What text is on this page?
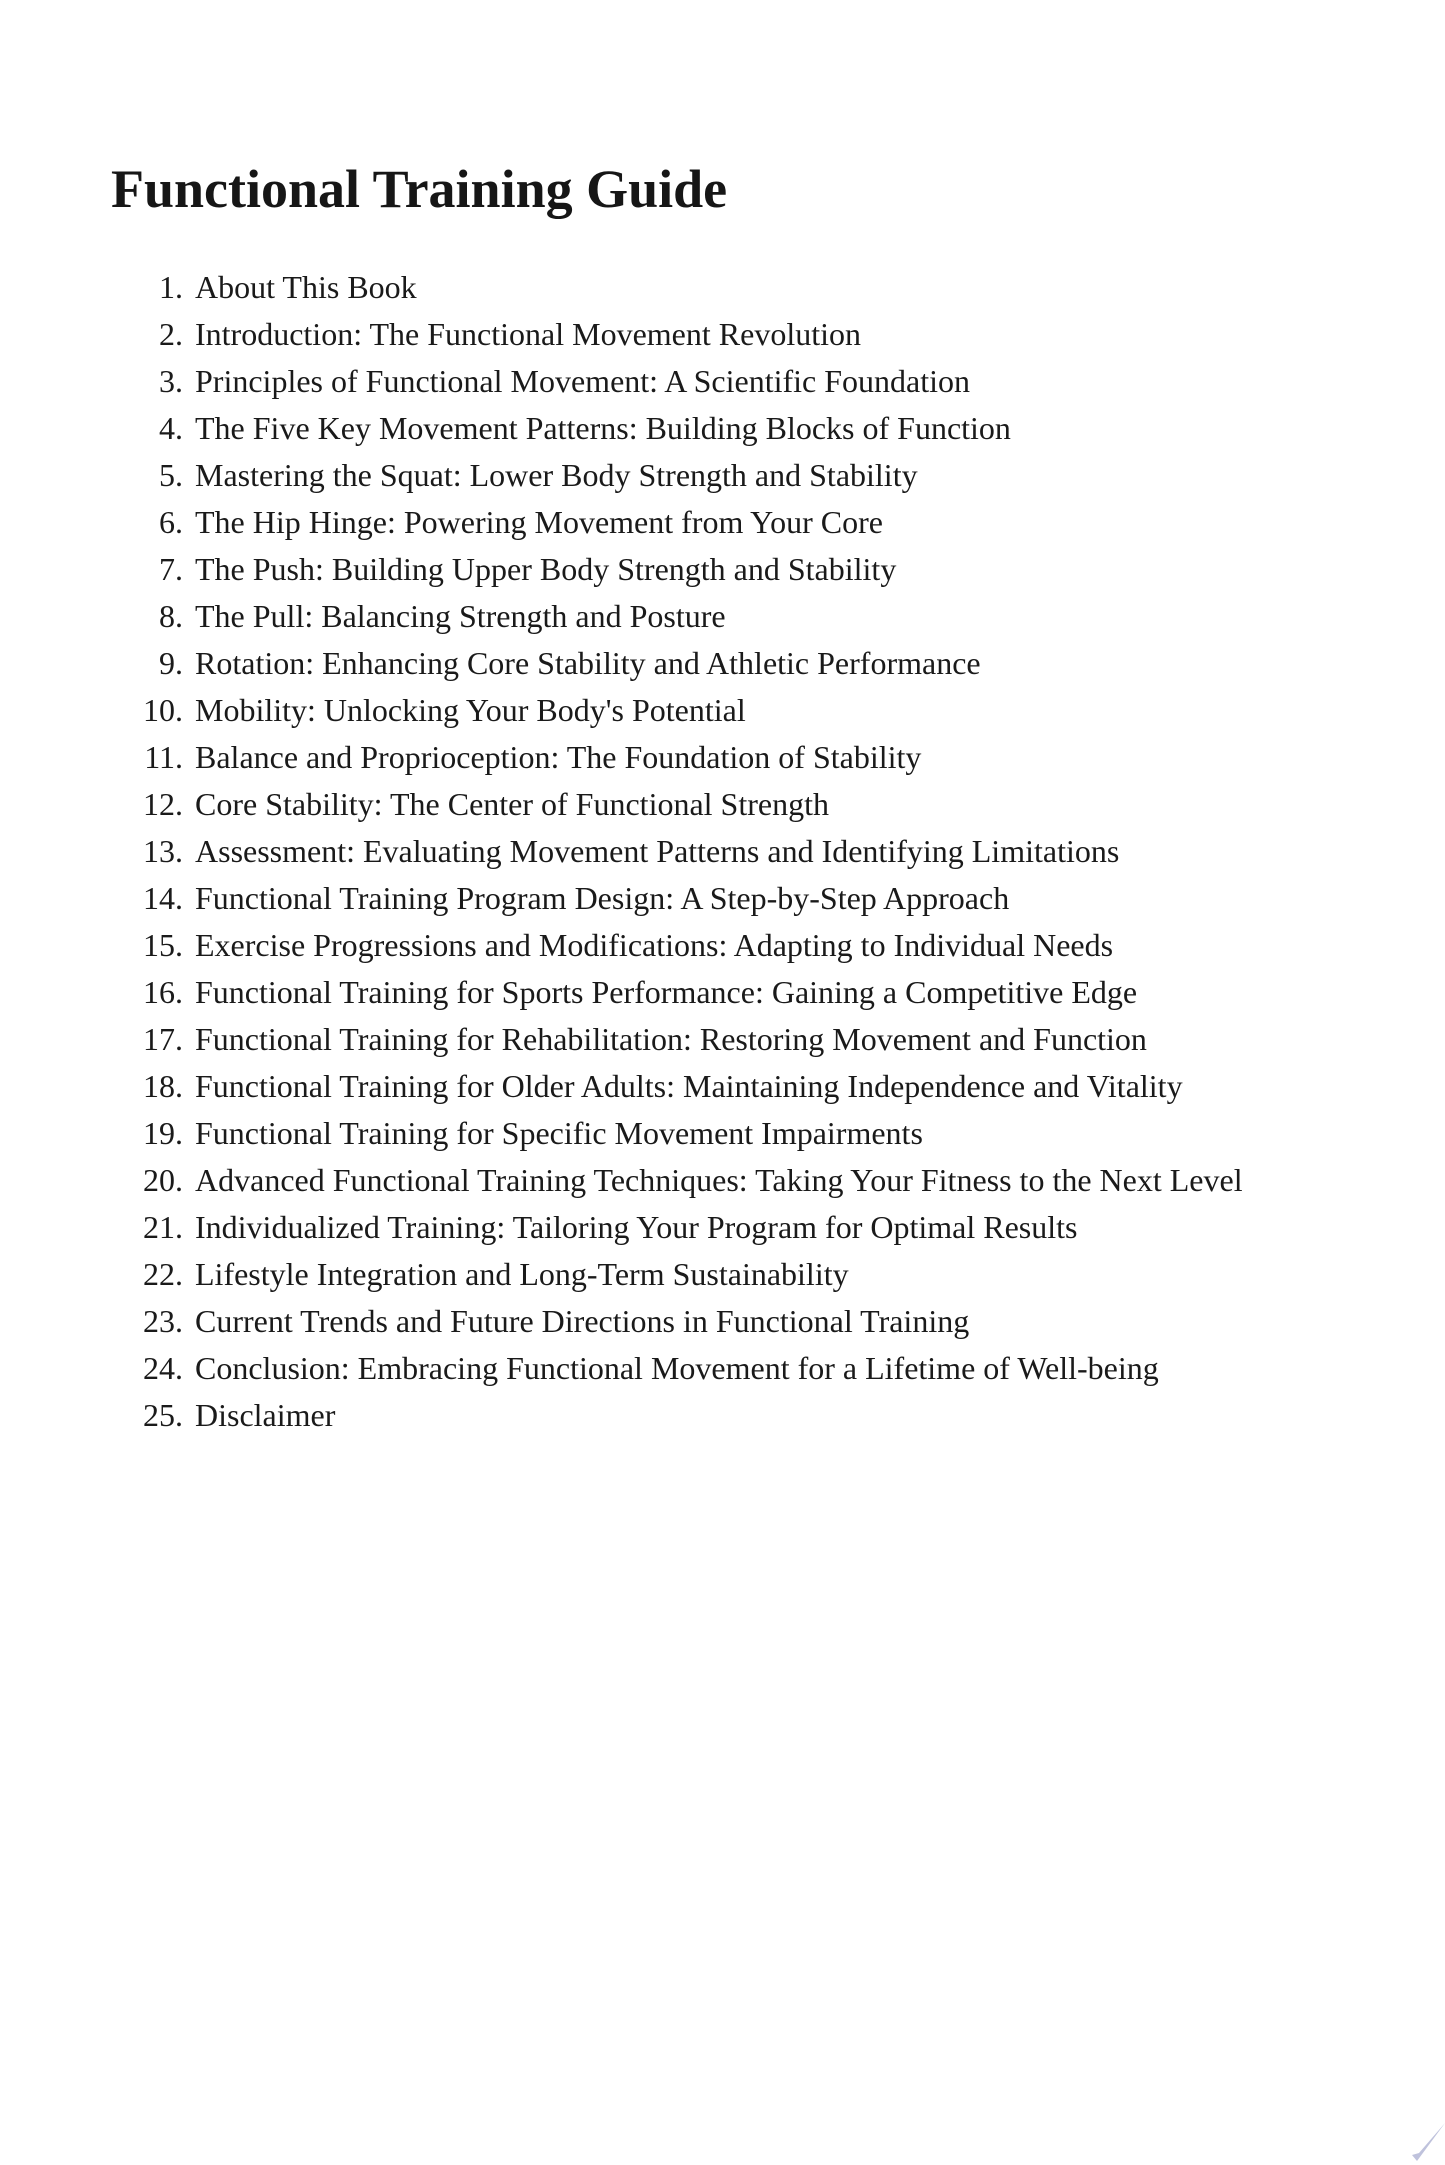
Functional Training Guide
1. About This Book
2. Introduction: The Functional Movement Revolution
3. Principles of Functional Movement: A Scientific Foundation
4. The Five Key Movement Patterns: Building Blocks of Function
5. Mastering the Squat: Lower Body Strength and Stability
6. The Hip Hinge: Powering Movement from Your Core
7. The Push: Building Upper Body Strength and Stability
8. The Pull: Balancing Strength and Posture
9. Rotation: Enhancing Core Stability and Athletic Performance
10. Mobility: Unlocking Your Body's Potential
11. Balance and Proprioception: The Foundation of Stability
12. Core Stability: The Center of Functional Strength
13. Assessment: Evaluating Movement Patterns and Identifying Limitations
14. Functional Training Program Design: A Step-by-Step Approach
15. Exercise Progressions and Modifications: Adapting to Individual Needs
16. Functional Training for Sports Performance: Gaining a Competitive Edge
17. Functional Training for Rehabilitation: Restoring Movement and Function
18. Functional Training for Older Adults: Maintaining Independence and Vitality
19. Functional Training for Specific Movement Impairments
20. Advanced Functional Training Techniques: Taking Your Fitness to the Next Level
21. Individualized Training: Tailoring Your Program for Optimal Results
22. Lifestyle Integration and Long-Term Sustainability
23. Current Trends and Future Directions in Functional Training
24. Conclusion: Embracing Functional Movement for a Lifetime of Well-being
25. Disclaimer
